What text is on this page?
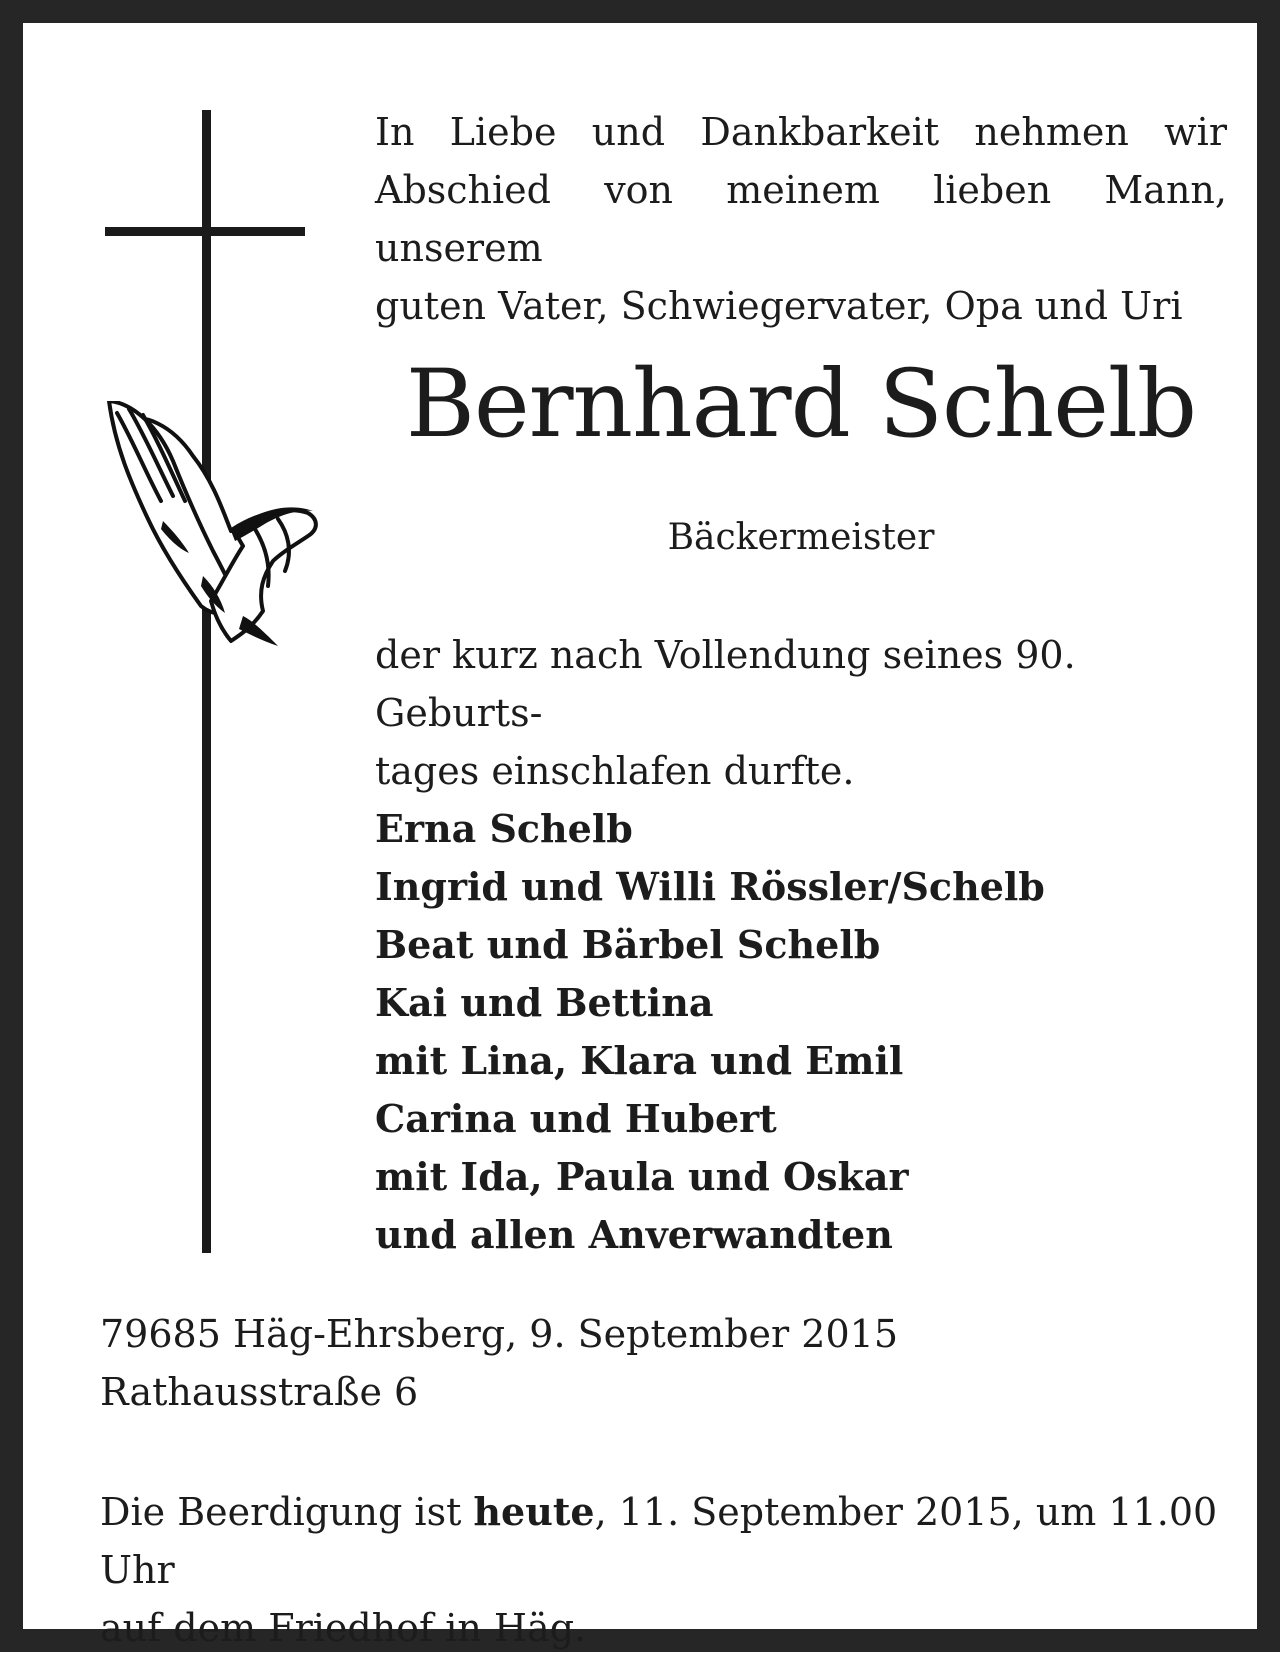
In Liebe und Dankbarkeit nehmen wir
Abschied von meinem lieben Mann, unserem
guten Vater, Schwiegervater, Opa und Uri

Bernhard Schelb

Bäckermeister

der kurz nach Vollendung seines 90. Geburts-
tages einschlafen durfte.

Erna Schelb
Ingrid und Willi Rössler/Schelb
Beat und Bärbel Schelb
Kai und Bettina
mit Lina, Klara und Emil
Carina und Hubert
mit Ida, Paula und Oskar
und allen Anverwandten

79685 Häg-Ehrsberg, 9. September 2015
Rathausstraße 6

Die Beerdigung ist heute, 11. September 2015, um 11.00 Uhr
auf dem Friedhof in Häg.
